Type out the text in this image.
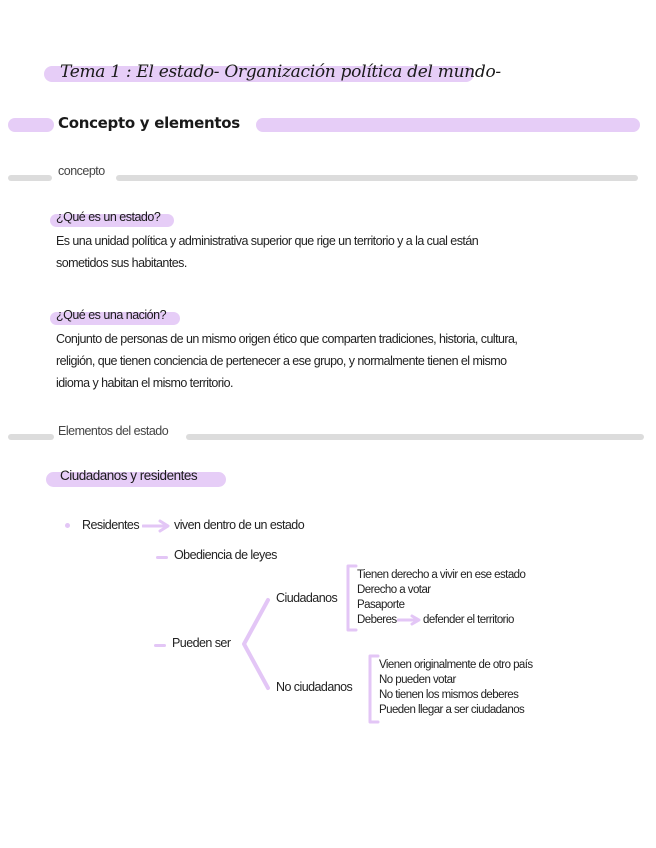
Tema 1 : El estado- Organización política del mundo-
Concepto y elementos
concepto
¿Qué es un estado?
Es una unidad política y administrativa superior que rige un territorio y a la cual están
sometidos sus habitantes.
¿Qué es una nación?
Conjunto de personas de un mismo origen ético que comparten tradiciones, historia, cultura,
religión, que tienen conciencia de pertenecer a ese grupo, y normalmente tienen el mismo
idioma y habitan el mismo territorio.
Elementos del estado
Ciudadanos y residentes
Residentes	viven dentro de un estado
Obediencia de leyes
Pueden ser
Ciudadanos
No ciudadanos
Tienen derecho a vivir en ese estado
Derecho a votar
Pasaporte
Deberes	defender el territorio
Vienen originalmente de otro país
No pueden votar
No tienen los mismos deberes
Pueden llegar a ser ciudadanos
